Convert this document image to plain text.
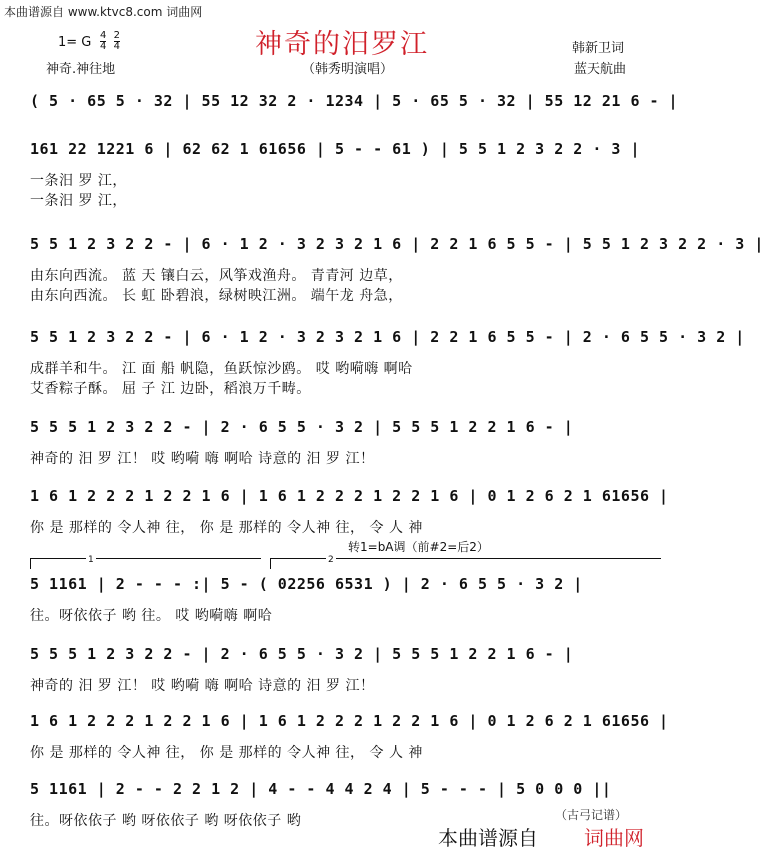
本曲谱源自 www.ktvc8.com 词曲网
神奇的汨罗江
1= G $\frac{4}{4} \frac{2}{4}$	韩新卫词
神奇.神往地	（韩秀明演唱）	蓝天航曲
( 5 · 65 5 · 32 | 55 12 32 2 · 1234 | 5 · 65 5 · 32 | 55 12 21 6 - |
161 22 1221 6 | 62 62 1 61656 | 5 - - 61 ) | 5 5 1 2 3 2 2 · 3 |
一条汨 罗 江，
一条汨 罗 江，
5 5 1 2 3 2 2 - | 6 · 1 2 · 3 2 3 2 1 6 | 2 2 1 6 5 5 - | 5 5 1 2 3 2 2 · 3 |
由东向西流。 蓝 天 镶白云，风筝戏渔舟。 青青河 边草，
由东向西流。 长 虹 卧碧浪，绿树映江洲。 端午龙 舟急，
5 5 1 2 3 2 2 - | 6 · 1 2 · 3 2 3 2 1 6 | 2 2 1 6 5 5 - | 2 · 6 5 5 · 3 2 |
成群羊和牛。 江 面 船 帆隐，鱼跃惊沙鸥。 哎 哟嗬嗨 啊哈
艾香粽子酥。 屈 子 江 边卧，稻浪万千畴。
5 5 5 1 2 3 2 2 - | 2 · 6 5 5 · 3 2 | 5 5 5 1 2 2 1 6 - |
神奇的 汨 罗 江！ 哎 哟嗬 嗨 啊哈 诗意的 汨 罗 江！
1 6 1 2 2 2 1 2 2 1 6 | 1 6 1 2 2 2 1 2 2 1 6 | 0 1 2 6 2 1 61656 |
你 是 那样的 令人神 往， 你 是 那样的 令人神 往， 令 人 神
5 1161 | 2 - - - :| 5 - ( 02256 6531 ) | 2 · 6 5 5 · 3 2 |
往。呀依依子 哟 往。 哎 哟嗬嗨 啊哈
5 5 5 1 2 3 2 2 - | 2 · 6 5 5 · 3 2 | 5 5 5 1 2 2 1 6 - |
神奇的 汨 罗 江！ 哎 哟嗬 嗨 啊哈 诗意的 汨 罗 江！
1 6 1 2 2 2 1 2 2 1 6 | 1 6 1 2 2 2 1 2 2 1 6 | 0 1 2 6 2 1 61656 |
你 是 那样的 令人神 往， 你 是 那样的 令人神 往， 令 人 神
5 1161 | 2 - - 2 2 1 2 | 4 - - 4 4 2 4 | 5 - - - | 5 0 0 0 ||
往。呀依依子 哟 呀依依子 哟 呀依依子 哟
1	2
转1=bA调（前#2=后2）
（古弓记谱）
本曲谱源自 词曲网
